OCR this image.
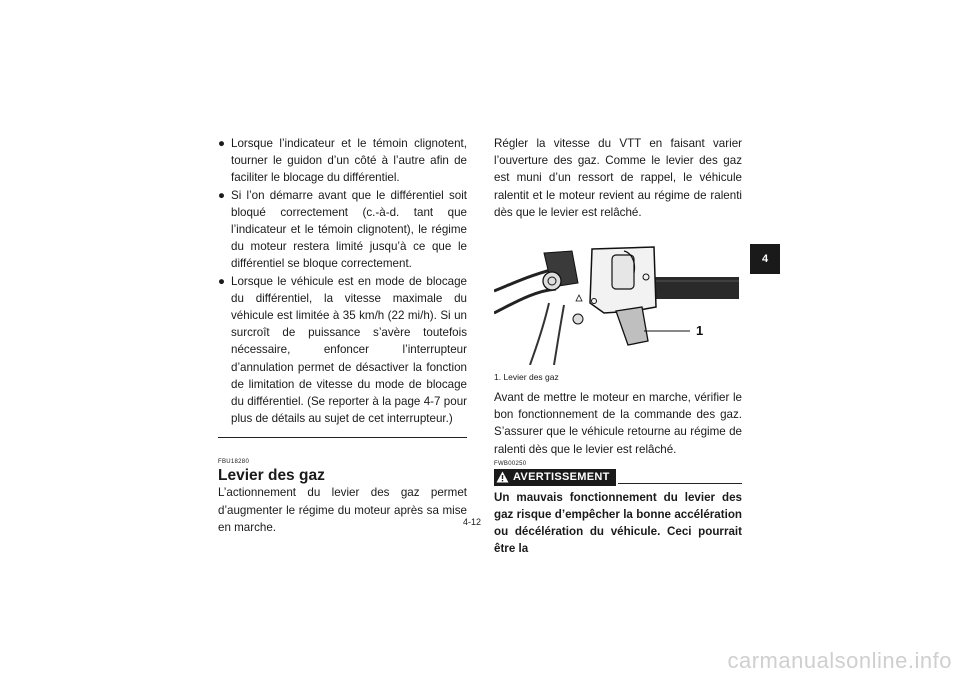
● Lorsque l’indicateur et le témoin clignotent, tourner le guidon d’un côté à l’autre afin de faciliter le blocage du différentiel.
● Si l’on démarre avant que le différentiel soit bloqué correctement (c.-à-d. tant que l’indicateur et le témoin clignotent), le régime du moteur restera limité jusqu’à ce que le différentiel se bloque correctement.
● Lorsque le véhicule est en mode de blocage du différentiel, la vitesse maximale du véhicule est limitée à 35 km/h (22 mi/h). Si un surcroît de puissance s’avère toutefois nécessaire, enfoncer l’interrupteur d’annulation permet de désactiver la fonction de limitation de vitesse du mode de blocage du différentiel. (Se reporter à la page 4-7 pour plus de détails au sujet de cet interrupteur.)
FBU18280
Levier des gaz

L’actionnement du levier des gaz permet d’augmenter le régime du moteur après sa mise en marche.

Régler la vitesse du VTT en faisant varier l’ouverture des gaz. Comme le levier des gaz est muni d’un ressort de rappel, le véhicule ralentit et le moteur revient au régime de ralenti dès que le levier est relâché.

1
1. Levier des gaz

Avant de mettre le moteur en marche, vérifier le bon fonctionnement de la commande des gaz. S’assurer que le véhicule retourne au régime de ralenti dès que le levier est relâché.

FWB00250
AVERTISSEMENT

Un mauvais fonctionnement du levier des gaz risque d’empêcher la bonne accélération ou décélération du véhicule. Ceci pourrait être la

4-12
4
carmanualsonline.info
